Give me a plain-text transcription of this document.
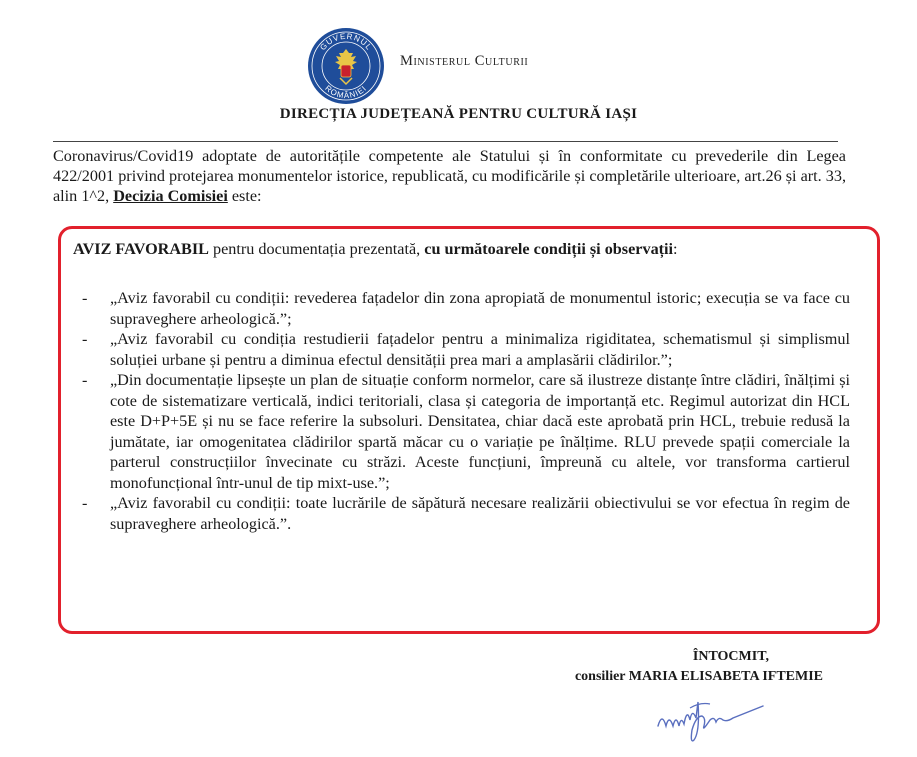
GUVERNUL
ROMÂNIEI
Ministerul Culturii
DIRECȚIA JUDEȚEANĂ PENTRU CULTURĂ IAȘI

Coronavirus/Covid19 adoptate de autoritățile competente ale Statului și în conformitate cu prevederile din Legea 422/2001 privind protejarea monumentelor istorice, republicată, cu modificările și completările ulterioare, art.26 și art. 33, alin 1^2, Decizia Comisiei este:

AVIZ FAVORABIL pentru documentația prezentată, cu următoarele condiții și observații:
- „Aviz favorabil cu condiții: revederea fațadelor din zona apropiată de monumentul istoric; execuția se va face cu supraveghere arheologică.”;
- „Aviz favorabil cu condiția restudierii fațadelor pentru a minimaliza rigiditatea, schematismul și simplismul soluției urbane și pentru a diminua efectul densității prea mari a amplasării clădirilor.”;
- „Din documentație lipsește un plan de situație conform normelor, care să ilustreze distanțe între clădiri, înălțimi și cote de sistematizare verticală, indici teritoriali, clasa și categoria de importanță etc. Regimul autorizat din HCL este D+P+5E și nu se face referire la subsoluri. Densitatea, chiar dacă este aprobată prin HCL, trebuie redusă la jumătate, iar omogenitatea clădirilor spartă măcar cu o variație pe înălțime. RLU prevede spații comerciale la parterul construcțiilor învecinate cu străzi. Aceste funcțiuni, împreună cu altele, vor transforma cartierul monofuncțional într-unul de tip mixt-use.”;
- „Aviz favorabil cu condiții: toate lucrările de săpătură necesare realizării obiectivului se vor efectua în regim de supraveghere arheologică.”.
ÎNTOCMIT,
consilier MARIA ELISABETA IFTEMIE
